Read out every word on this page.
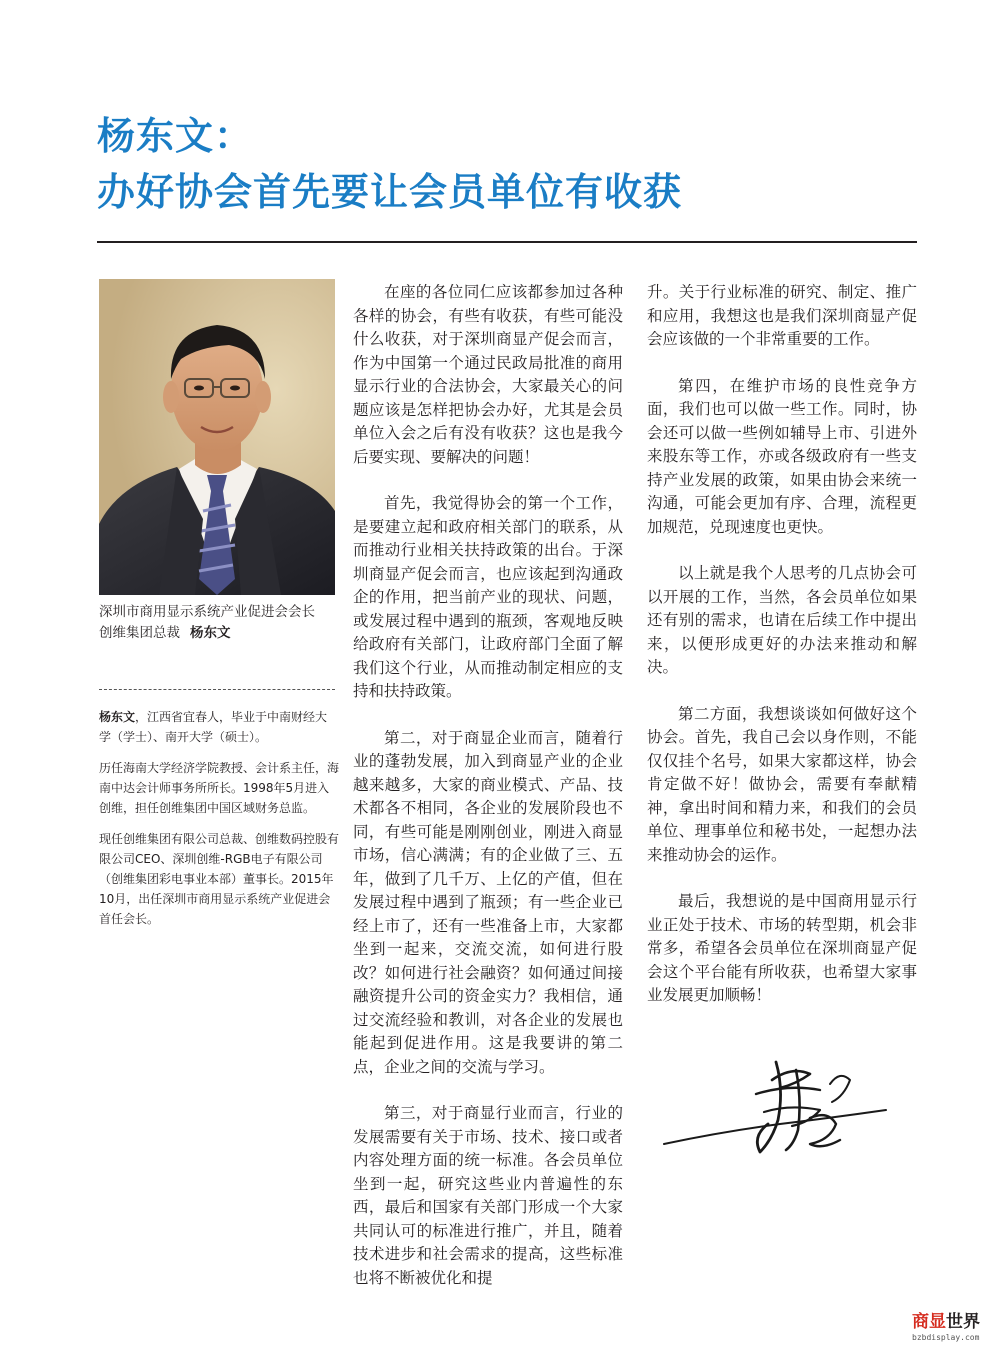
杨东文：
办好协会首先要让会员单位有收获
深圳市商用显示系统产业促进会会长
创维集团总裁 杨东文

杨东文，江西省宜春人，毕业于中南财经大学（学士）、南开大学（硕士）。

历任海南大学经济学院教授、会计系主任，海南中达会计师事务所所长。1998年5月进入创维，担任创维集团中国区域财务总监。

现任创维集团有限公司总裁、创维数码控股有限公司CEO、深圳创维-RGB电子有限公司（创维集团彩电事业本部）董事长。2015年10月，出任深圳市商用显示系统产业促进会首任会长。

在座的各位同仁应该都参加过各种各样的协会，有些有收获，有些可能没什么收获，对于深圳商显产促会而言，作为中国第一个通过民政局批准的商用显示行业的合法协会，大家最关心的问题应该是怎样把协会办好，尤其是会员单位入会之后有没有收获？这也是我今后要实现、要解决的问题！

首先，我觉得协会的第一个工作，是要建立起和政府相关部门的联系，从而推动行业相关扶持政策的出台。于深圳商显产促会而言，也应该起到沟通政企的作用，把当前产业的现状、问题，或发展过程中遇到的瓶颈，客观地反映给政府有关部门，让政府部门全面了解我们这个行业，从而推动制定相应的支持和扶持政策。

第二，对于商显企业而言，随着行业的蓬勃发展，加入到商显产业的企业越来越多，大家的商业模式、产品、技术都各不相同，各企业的发展阶段也不同，有些可能是刚刚创业，刚进入商显市场，信心满满；有的企业做了三、五年，做到了几千万、上亿的产值，但在发展过程中遇到了瓶颈；有一些企业已经上市了，还有一些准备上市，大家都坐到一起来，交流交流，如何进行股改？如何进行社会融资？如何通过间接融资提升公司的资金实力？我相信，通过交流经验和教训，对各企业的发展也能起到促进作用。这是我要讲的第二点，企业之间的交流与学习。

第三，对于商显行业而言，行业的发展需要有关于市场、技术、接口或者内容处理方面的统一标准。各会员单位坐到一起，研究这些业内普遍性的东西，最后和国家有关部门形成一个大家共同认可的标准进行推广，并且，随着技术进步和社会需求的提高，这些标准也将不断被优化和提

升。关于行业标准的研究、制定、推广和应用，我想这也是我们深圳商显产促会应该做的一个非常重要的工作。

第四，在维护市场的良性竞争方面，我们也可以做一些工作。同时，协会还可以做一些例如辅导上市、引进外来股东等工作，亦或各级政府有一些支持产业发展的政策，如果由协会来统一沟通，可能会更加有序、合理，流程更加规范，兑现速度也更快。

以上就是我个人思考的几点协会可以开展的工作，当然，各会员单位如果还有别的需求，也请在后续工作中提出来，以便形成更好的办法来推动和解决。

第二方面，我想谈谈如何做好这个协会。首先，我自己会以身作则，不能仅仅挂个名号，如果大家都这样，协会肯定做不好！做协会，需要有奉献精神，拿出时间和精力来，和我们的会员单位、理事单位和秘书处，一起想办法来推动协会的运作。

最后，我想说的是中国商用显示行业正处于技术、市场的转型期，机会非常多，希望各会员单位在深圳商显产促会这个平台能有所收获，也希望大家事业发展更加顺畅！

商显世界
bzbdisplay.com
